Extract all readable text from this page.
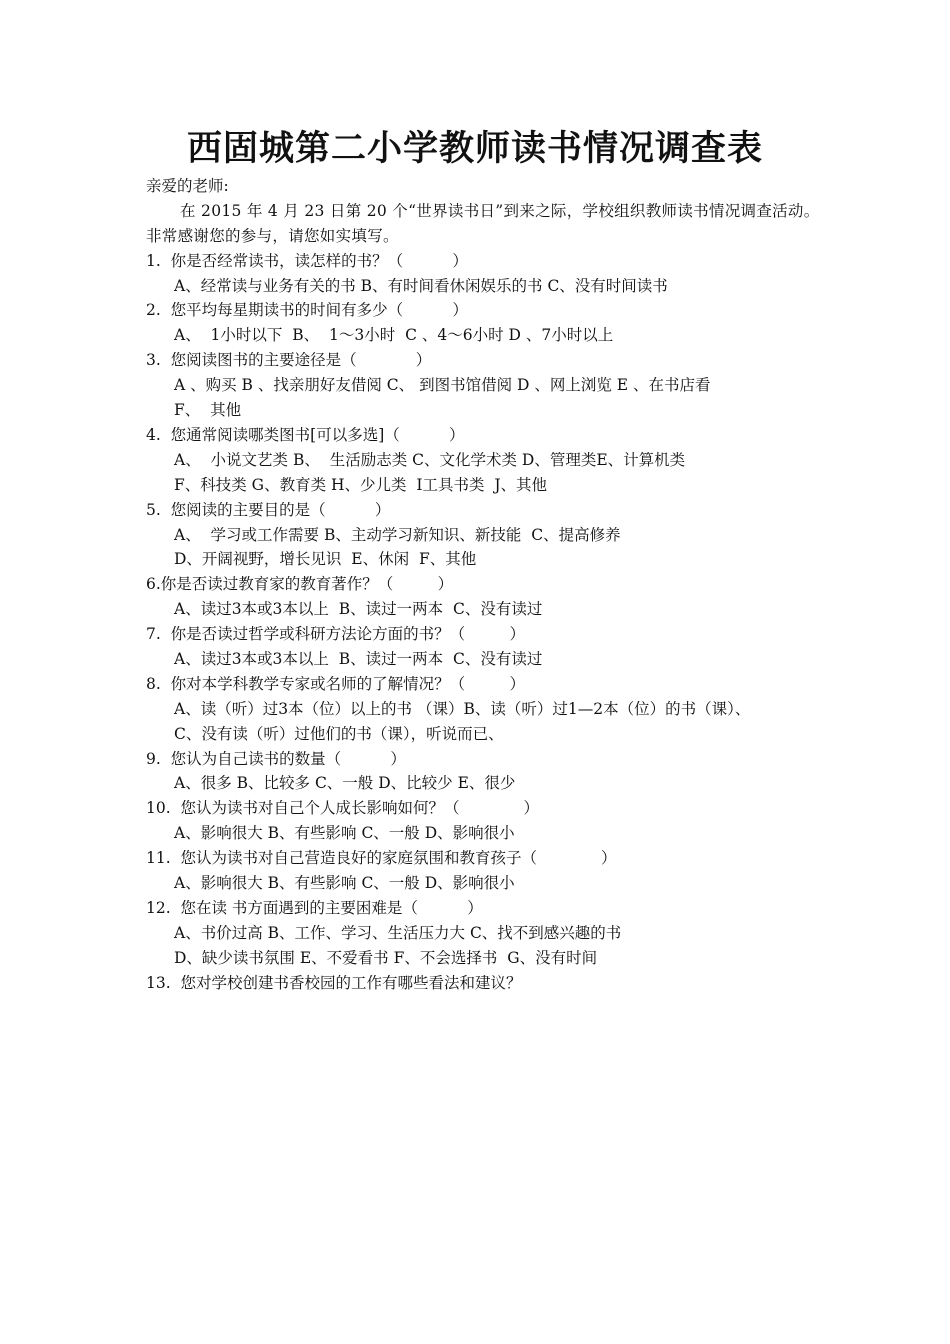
西固城第二小学教师读书情况调查表
亲爱的老师:
在 2015 年 4 月 23 日第 20 个“世界读书日”到来之际，学校组织教师读书情况调查活动。非常感谢您的参与，请您如实填写。
1.  你是否经常读书，读怎样的书？（          ）
A、经常读与业务有关的书 B、有时间看休闲娱乐的书 C、没有时间读书
2.  您平均每星期读书的时间有多少（          ）
A、  1小时以下  B、  1～3小时  C 、4～6小时 D 、7小时以上
3.  您阅读图书的主要途径是（            ）
A 、购买 B 、找亲朋好友借阅 C、 到图书馆借阅 D 、网上浏览 E 、在书店看
F、  其他
4.  您通常阅读哪类图书[可以多选]（          ）
A、  小说文艺类 B、  生活励志类 C、文化学术类 D、管理类E、计算机类
F、科技类 G、教育类 H、少儿类  I工具书类  J、其他
5.  您阅读的主要目的是（          ）
A、  学习或工作需要 B、主动学习新知识、新技能  C、提高修养
D、开阔视野，增长见识  E、休闲  F、其他
6.你是否读过教育家的教育著作？（         ）
A、读过3本或3本以上  B、读过一两本  C、没有读过
7.  你是否读过哲学或科研方法论方面的书？（         ）
A、读过3本或3本以上  B、读过一两本  C、没有读过
8.  你对本学科教学专家或名师的了解情况？（         ）
A、读（听）过3本（位）以上的书 （课）B、读（听）过1—2本（位）的书（课）、
C、没有读（听）过他们的书（课），听说而已、
9.  您认为自己读书的数量（          ）
A、很多 B、比较多 C、一般 D、比较少 E、很少
10.  您认为读书对自己个人成长影响如何？（             ）
A、影响很大 B、有些影响 C、一般 D、影响很小
11.  您认为读书对自己营造良好的家庭氛围和教育孩子（             ）
A、影响很大 B、有些影响 C、一般 D、影响很小
12.  您在读 书方面遇到的主要困难是（          ）
A、书价过高 B、工作、学习、生活压力大 C、找不到感兴趣的书
D、缺少读书氛围 E、不爱看书 F、不会选择书  G、没有时间
13.  您对学校创建书香校园的工作有哪些看法和建议？
